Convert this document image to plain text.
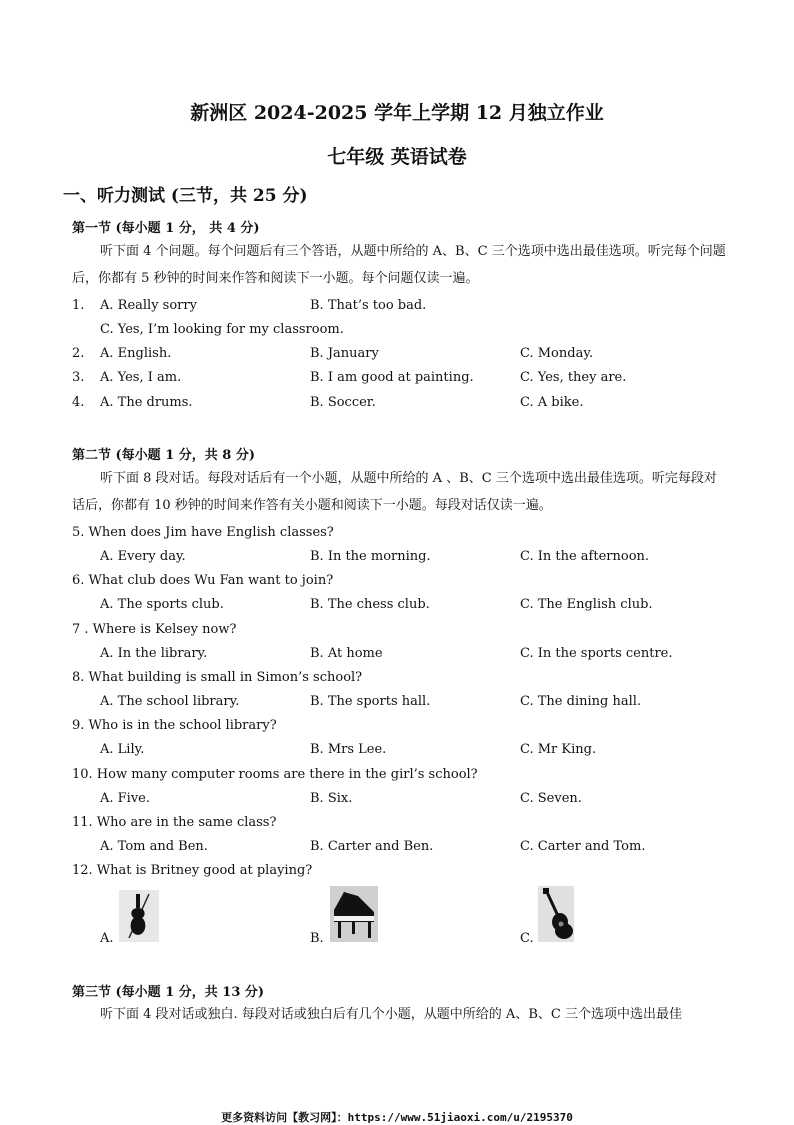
新洲区 2024-2025 学年上学期 12 月独立作业
七年级 英语试卷
一、听力测试 (三节，共 25 分)
第一节 (每小题 1 分， 共 4 分)
听下面 4 个问题。每个问题后有三个答语，从题中所给的 A、B、C 三个选项中选出最佳选项。听完每个问题后，你都有 5 秒钟的时间来作答和阅读下一小题。每个问题仅读一遍。
1. A. Really sorry	B. That’s too bad.
C. Yes, I’m looking for my classroom.
2. A. English.	B. January	C. Monday.
3. A. Yes, I am.	B. I am good at painting.	C. Yes, they are.
4. A. The drums.	B. Soccer.	C. A bike.
第二节 (每小题 1 分，共 8 分)
听下面 8 段对话。每段对话后有一个小题，从题中所给的 A 、B、C 三个选项中选出最佳选项。听完每段对话后，你都有 10 秒钟的时间来作答有关小题和阅读下一小题。每段对话仅读一遍。
5. When does Jim have English classes?
A. Every day.	B. In the morning.	C. In the afternoon.
6. What club does Wu Fan want to join?
A. The sports club.	B. The chess club.	C. The English club.
7 . Where is Kelsey now?
A. In the library.	B. At home	C. In the sports centre.
8. What building is small in Simon’s school?
A. The school library.	B. The sports hall.	C. The dining hall.
9. Who is in the school library?
A. Lily.	B. Mrs Lee.	C. Mr King.
10. How many computer rooms are there in the girl’s school?
A. Five.	B. Six.	C. Seven.
11. Who are in the same class?
A. Tom and Ben.	B. Carter and Ben.	C. Carter and Tom.
12. What is Britney good at playing?
A.	B.	C.
第三节 (每小题 1 分，共 13 分)
听下面 4 段对话或独白. 每段对话或独白后有几个小题，从题中所给的 A、B、C 三个选项中选出最佳
更多资料访问【教习网】：https://www.51jiaoxi.com/u/2195370
